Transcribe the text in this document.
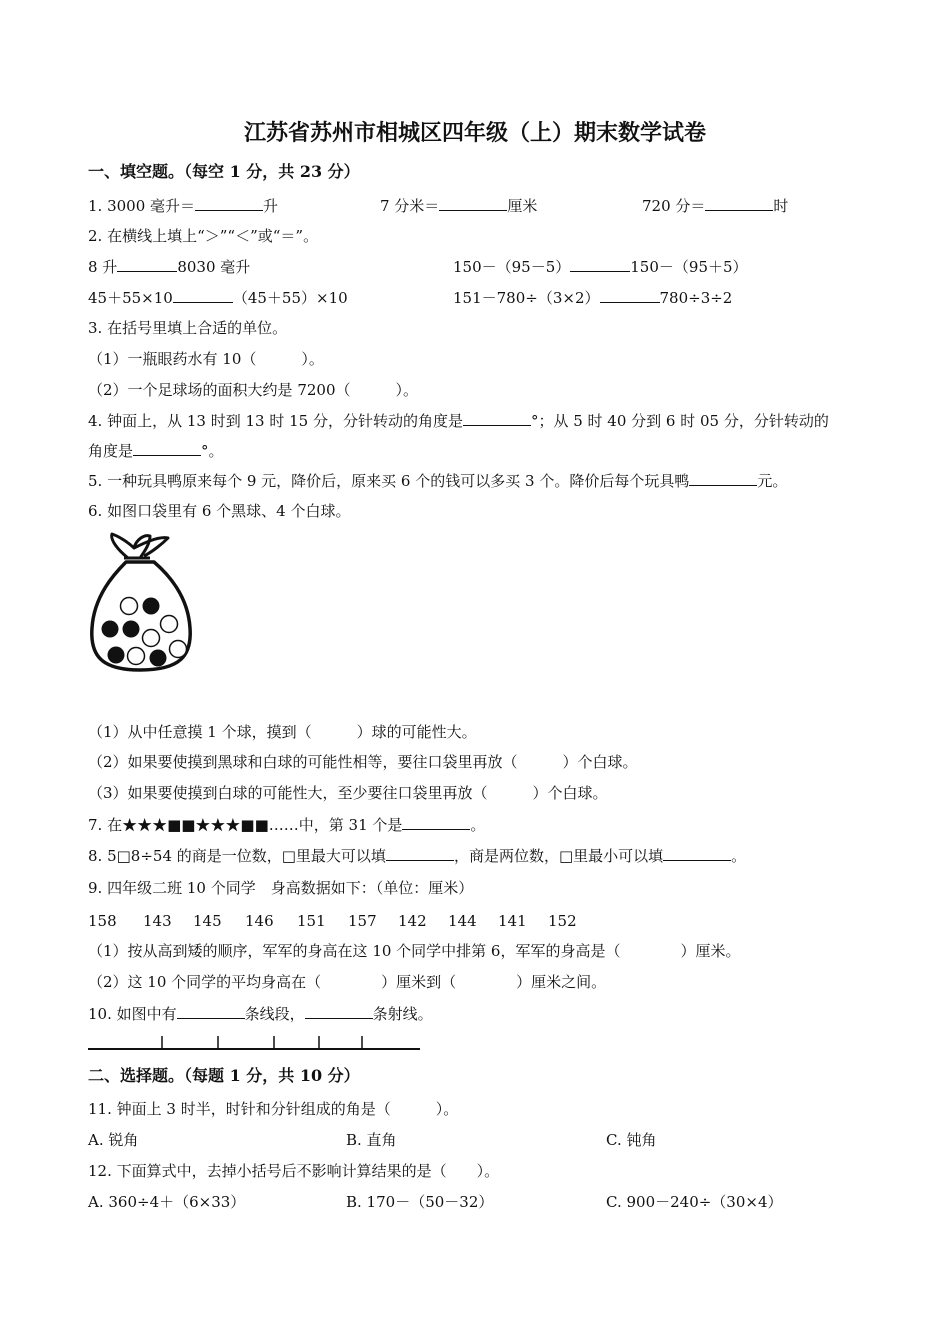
江苏省苏州市相城区四年级（上）期末数学试卷
一、填空题。（每空 1 分，共 23 分）
1. 3000 毫升＝	升	7 分米＝	厘米	720 分＝	时
2. 在横线上填上“＞”“＜”或“＝”。
8 升	8030 毫升	150－（95－5）	150－（95＋5）
45＋55×10	（45＋55）×10	151－780÷（3×2）	780÷3÷2
3. 在括号里填上合适的单位。
（1）一瓶眼药水有 10（　　　）。
（2）一个足球场的面积大约是 7200（　　　）。
4. 钟面上，从 13 时到 13 时 15 分，分针转动的角度是	°；从 5 时 40 分到 6 时 05 分，分针转动的
角度是	°。
5. 一种玩具鸭原来每个 9 元，降价后，原来买 6 个的钱可以多买 3 个。降价后每个玩具鸭	元。
6. 如图口袋里有 6 个黑球、4 个白球。
（1）从中任意摸 1 个球，摸到（　　　）球的可能性大。
（2）如果要使摸到黑球和白球的可能性相等，要往口袋里再放（　　　）个白球。
（3）如果要使摸到白球的可能性大，至少要往口袋里再放（　　　）个白球。
7. 在★★★■■★★★■■……中，第 31 个是	。
8. 5□8÷54 的商是一位数，□里最大可以填	，商是两位数，□里最小可以填	。
9. 四年级二班 10 个同学　身高数据如下：（单位：厘米）
158 143 145 146 151 157 142 144 141 152
（1）按从高到矮的顺序，军军的身高在这 10 个同学中排第 6，军军的身高是（　　　　）厘米。
（2）这 10 个同学的平均身高在（　　　　）厘米到（　　　　）厘米之间。
10. 如图中有	条线段，	条射线。
二、选择题。（每题 1 分，共 10 分）
11. 钟面上 3 时半，时针和分针组成的角是（　　　）。
A. 锐角	B. 直角	C. 钝角
12. 下面算式中，去掉小括号后不影响计算结果的是（　　）。
A. 360÷4＋（6×33）	B. 170－（50－32）	C. 900－240÷（30×4）
